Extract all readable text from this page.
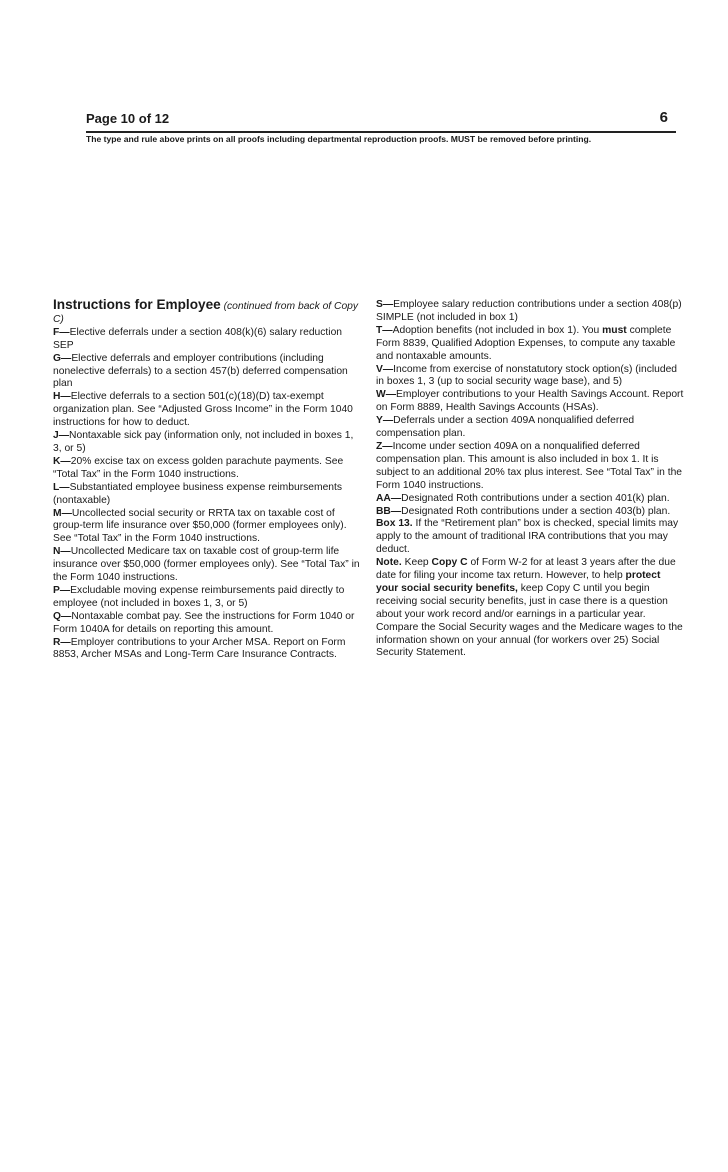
Page 10 of 12	6
The type and rule above prints on all proofs including departmental reproduction proofs. MUST be removed before printing.

Instructions for Employee (continued from back of Copy C)

F—Elective deferrals under a section 408(k)(6) salary reduction SEP

G—Elective deferrals and employer contributions (including nonelective deferrals) to a section 457(b) deferred compensation plan

H—Elective deferrals to a section 501(c)(18)(D) tax-exempt organization plan. See “Adjusted Gross Income” in the Form 1040 instructions for how to deduct.

J—Nontaxable sick pay (information only, not included in boxes 1, 3, or 5)

K—20% excise tax on excess golden parachute payments. See “Total Tax” in the Form 1040 instructions.

L—Substantiated employee business expense reimbursements (nontaxable)

M—Uncollected social security or RRTA tax on taxable cost of group-term life insurance over $50,000 (former employees only). See “Total Tax” in the Form 1040 instructions.

N—Uncollected Medicare tax on taxable cost of group-term life insurance over $50,000 (former employees only). See “Total Tax” in the Form 1040 instructions.

P—Excludable moving expense reimbursements paid directly to employee (not included in boxes 1, 3, or 5)

Q—Nontaxable combat pay. See the instructions for Form 1040 or Form 1040A for details on reporting this amount.

R—Employer contributions to your Archer MSA. Report on Form 8853, Archer MSAs and Long-Term Care Insurance Contracts.

S—Employee salary reduction contributions under a section 408(p) SIMPLE (not included in box 1)

T—Adoption benefits (not included in box 1). You must complete Form 8839, Qualified Adoption Expenses, to compute any taxable and nontaxable amounts.

V—Income from exercise of nonstatutory stock option(s) (included in boxes 1, 3 (up to social security wage base), and 5)

W—Employer contributions to your Health Savings Account. Report on Form 8889, Health Savings Accounts (HSAs).

Y—Deferrals under a section 409A nonqualified deferred compensation plan.

Z—Income under section 409A on a nonqualified deferred compensation plan. This amount is also included in box 1. It is subject to an additional 20% tax plus interest. See “Total Tax” in the Form 1040 instructions.

AA—Designated Roth contributions under a section 401(k) plan.

BB—Designated Roth contributions under a section 403(b) plan.

Box 13. If the “Retirement plan” box is checked, special limits may apply to the amount of traditional IRA contributions that you may deduct.

Note. Keep Copy C of Form W-2 for at least 3 years after the due date for filing your income tax return. However, to help protect your social security benefits, keep Copy C until you begin receiving social security benefits, just in case there is a question about your work record and/or earnings in a particular year. Compare the Social Security wages and the Medicare wages to the information shown on your annual (for workers over 25) Social Security Statement.
